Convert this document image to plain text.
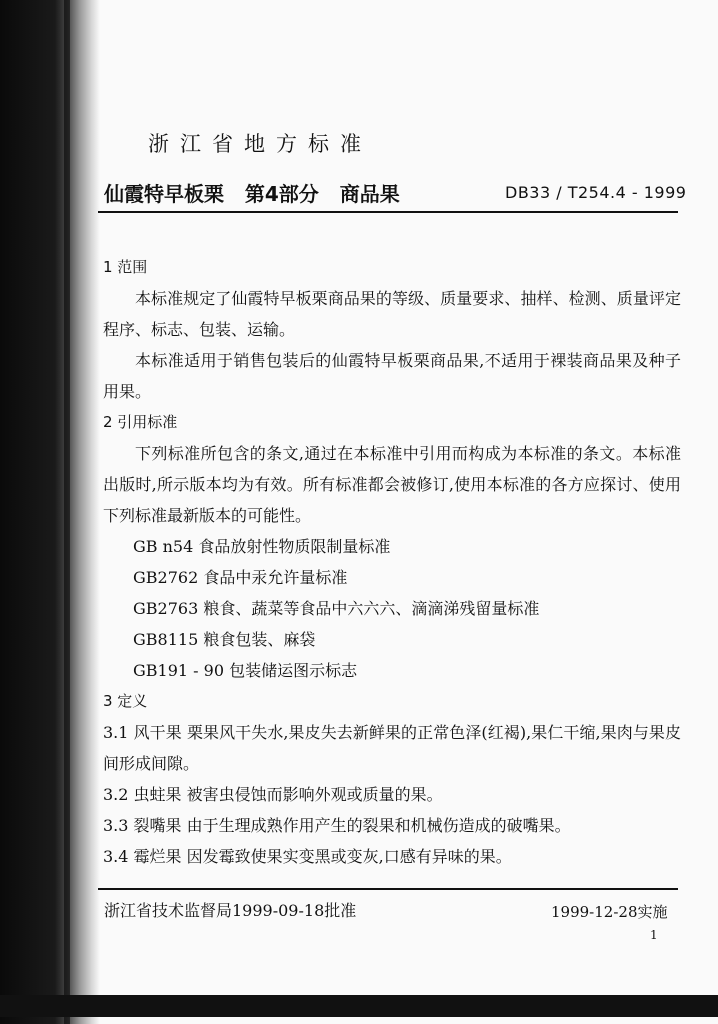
浙江省地方标准
仙霞特早板栗   第4部分   商品果	DB33 / T254.4 - 1999
1 范围
本标准规定了仙霞特早板栗商品果的等级、质量要求、抽样、检测、质量评定程序、标志、包装、运输。
本标准适用于销售包装后的仙霞特早板栗商品果,不适用于裸装商品果及种子用果。
2 引用标准
下列标准所包含的条文,通过在本标准中引用而构成为本标准的条文。本标准出版时,所示版本均为有效。所有标准都会被修订,使用本标准的各方应探讨、使用下列标准最新版本的可能性。
GB n54 食品放射性物质限制量标准
GB2762 食品中汞允许量标准
GB2763 粮食、蔬菜等食品中六六六、滴滴涕残留量标准
GB8115 粮食包装、麻袋
GB191 - 90 包装储运图示标志
3 定义
3.1 风干果 栗果风干失水,果皮失去新鲜果的正常色泽(红褐),果仁干缩,果肉与果皮间形成间隙。
3.2 虫蛀果 被害虫侵蚀而影响外观或质量的果。
3.3 裂嘴果 由于生理成熟作用产生的裂果和机械伤造成的破嘴果。
3.4 霉烂果 因发霉致使果实变黑或变灰,口感有异味的果。
浙江省技术监督局1999-09-18批准	1999-12-28实施
1
